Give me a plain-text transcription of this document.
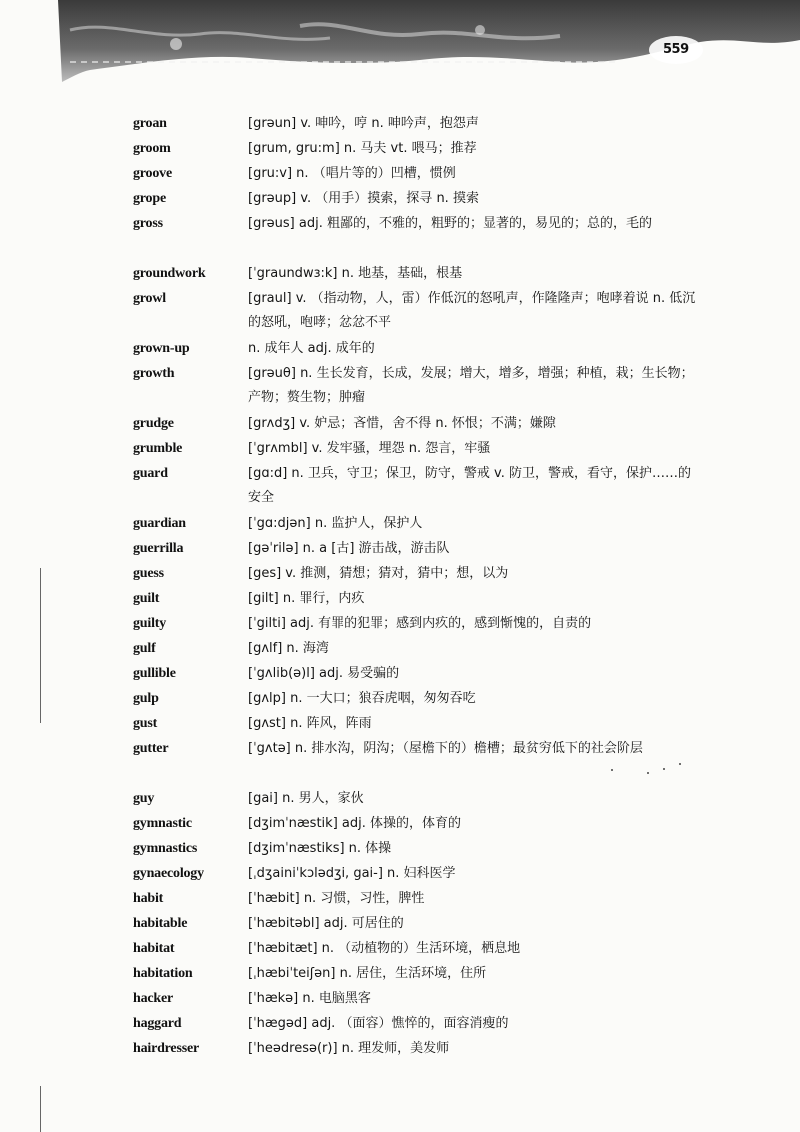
559
groan	[grəun] v. 呻吟，哼 n. 呻吟声，抱怨声
groom	[grum, gru:m] n. 马夫 vt. 喂马；推荐
groove	[gru:v] n. （唱片等的）凹槽，惯例
grope	[grəup] v. （用手）摸索，探寻 n. 摸索
gross	[grəus] adj. 粗鄙的，不雅的，粗野的；显著的，易见的；总的，毛的
groundwork	[ˈgraundwɜ:k] n. 地基，基础，根基
growl	[graul] v. （指动物，人，雷）作低沉的怒吼声，作隆隆声；咆哮着说 n. 低沉的怒吼，咆哮；忿忿不平
grown-up	n. 成年人 adj. 成年的
growth	[grəuθ] n. 生长发育，长成，发展；增大，增多，增强；种植，栽；生长物；产物；赘生物；肿瘤
grudge	[grʌdʒ] v. 妒忌；吝惜，舍不得 n. 怀恨；不满；嫌隙
grumble	[ˈgrʌmbl] v. 发牢骚，埋怨 n. 怨言，牢骚
guard	[gɑ:d] n. 卫兵，守卫；保卫，防守，警戒 v. 防卫，警戒，看守，保护……的安全
guardian	[ˈgɑ:djən] n. 监护人，保护人
guerrilla	[gəˈrilə] n. a [古] 游击战，游击队
guess	[ges] v. 推测，猜想；猜对，猜中；想，以为
guilt	[gilt] n. 罪行，内疚
guilty	[ˈgilti] adj. 有罪的犯罪；感到内疚的，感到惭愧的，自责的
gulf	[gʌlf] n. 海湾
gullible	[ˈgʌlib(ə)l] adj. 易受骗的
gulp	[gʌlp] n. 一大口；狼吞虎咽，匆匆吞吃
gust	[gʌst] n. 阵风，阵雨
gutter	[ˈgʌtə] n. 排水沟，阴沟；（屋檐下的）檐槽；最贫穷低下的社会阶层
guy	[gai] n. 男人，家伙
gymnastic	[dʒimˈnæstik] adj. 体操的，体育的
gymnastics	[dʒimˈnæstiks] n. 体操
gynaecology	[ˌdʒainiˈkɔlədʒi, gai-] n. 妇科医学
habit	[ˈhæbit] n. 习惯，习性，脾性
habitable	[ˈhæbitəbl] adj. 可居住的
habitat	[ˈhæbitæt] n. （动植物的）生活环境，栖息地
habitation	[ˌhæbiˈteiʃən] n. 居住，生活环境，住所
hacker	[ˈhækə] n. 电脑黑客
haggard	[ˈhægəd] adj. （面容）憔悴的，面容消瘦的
hairdresser	[ˈheədresə(r)] n. 理发师，美发师
